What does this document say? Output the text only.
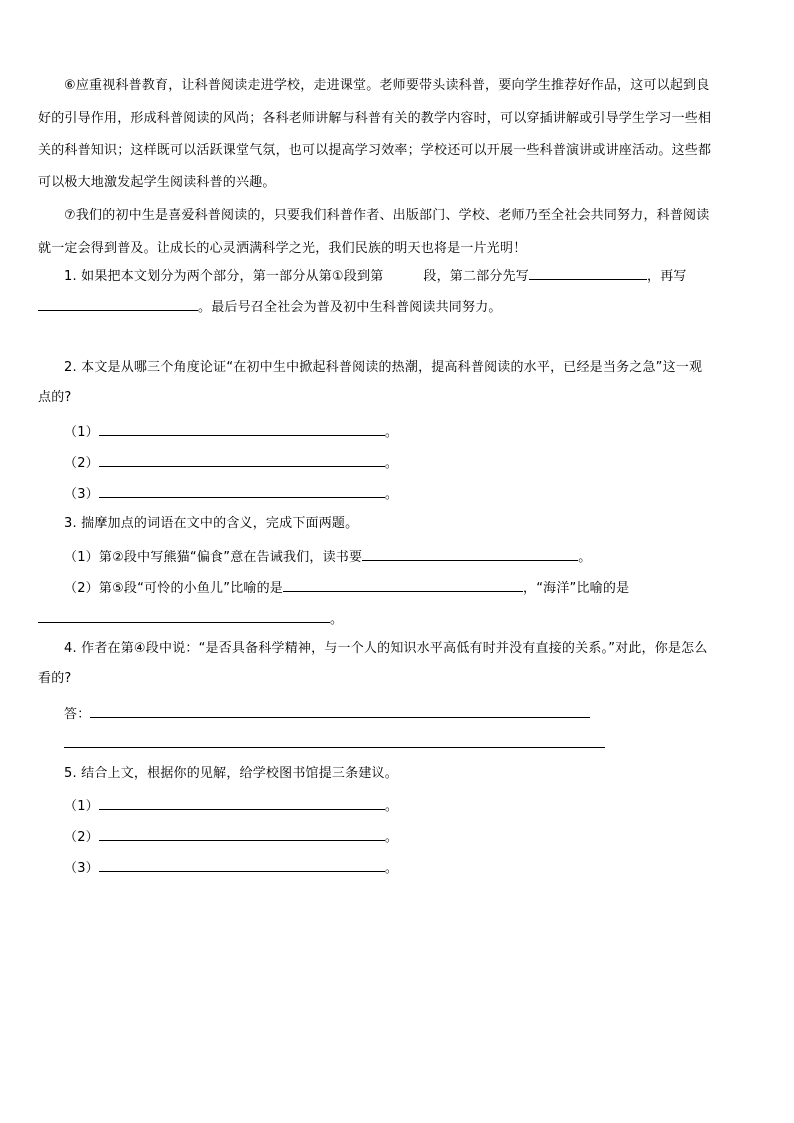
⑥应重视科普教育，让科普阅读走进学校，走进课堂。老师要带头读科普，要向学生推荐好作品，这可以起到良
好的引导作用，形成科普阅读的风尚；各科老师讲解与科普有关的教学内容时，可以穿插讲解或引导学生学习一些相
关的科普知识；这样既可以活跃课堂气氛，也可以提高学习效率；学校还可以开展一些科普演讲或讲座活动。这些都
可以极大地激发起学生阅读科普的兴趣。
⑦我们的初中生是喜爱科普阅读的，只要我们科普作者、出版部门、学校、老师乃至全社会共同努力，科普阅读
就一定会得到普及。让成长的心灵洒满科学之光，我们民族的明天也将是一片光明！
1. 如果把本文划分为两个部分，第一部分从第①段到第	段，第二部分先写	，再写
。最后号召全社会为普及初中生科普阅读共同努力。
2. 本文是从哪三个角度论证“在初中生中掀起科普阅读的热潮，提高科普阅读的水平，已经是当务之急”这一观
点的?
（1）	。
（2）	。
（3）	。
3. 揣摩加点的词语在文中的含义，完成下面两题。
（1）第②段中写熊猫“偏食”意在告诫我们，读书要	。
（2）第⑤段“可怜的小鱼儿”比喻的是	，“海洋”比喻的是
。
4. 作者在第④段中说：“是否具备科学精神，与一个人的知识水平高低有时并没有直接的关系。”对此，你是怎么
看的?
答：
5. 结合上文，根据你的见解，给学校图书馆提三条建议。
（1）	。
（2）	。
（3）	。
